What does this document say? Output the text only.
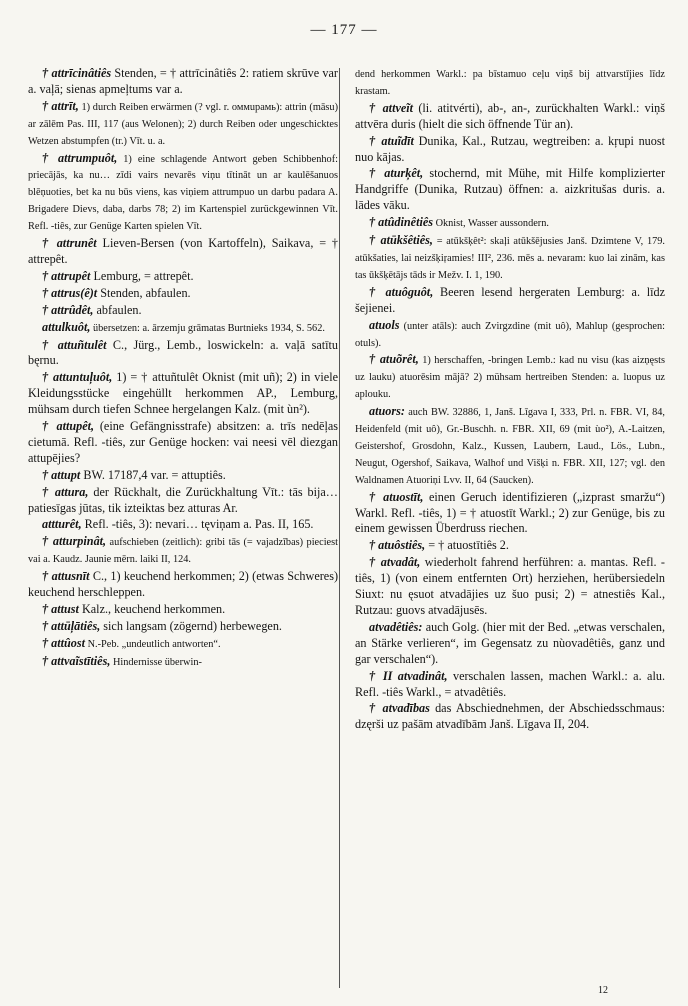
— 177 —

† attrīcinâtiês Stenden, = † attrīcinâtiês 2: ratiem skrūve var a. vaļā; sienas apmeļtums var a.

† attrīt, 1) durch Reiben erwärmen (? vgl. r. оммuрамь): attrin (māsu) ar zālēm Pas. III, 117 (aus Welonen); 2) durch Reiben oder ungeschicktes Wetzen abstumpfen (tr.) Vīt. u. a.

† attrumpuôt, 1) eine schlagende Antwort geben Schibbenhof: priecājās, ka nu… zīdi vairs nevarēs viņu tītināt un ar kaulēšanuos blēņuoties, bet ka nu būs viens, kas viņiem attrumpuo un darbu padara A. Brigadere Dievs, daba, darbs 78; 2) im Kartenspiel zurückgewinnen Vīt. Refl. -tiês, zur Genüge Karten spielen Vīt.

† attrunêt Lieven-Bersen (von Kartoffeln), Saikava, = † attrepêt.

† attrupêt Lemburg, = attrepêt.

† attrus(ê)t Stenden, abfaulen.

† attrûdêt, abfaulen.

attulkuôt, übersetzen: a. ārzemju grāmatas Burtnieks 1934, S. 562.

† attuñtulêt C., Jürg., Lemb., loswickeln: a. vaļā satītu bęrnu.

† attuntuļuôt, 1) = † attuñtulêt Oknist (mit uñ); 2) in viele Kleidungsstücke eingehüllt herkommen AP., Lemburg, mühsam durch tiefen Schnee hergelangen Kalz. (mit ùn²).

† attupêt, (eine Gefängnisstrafe) absitzen: a. trīs nedēļas cietumā. Refl. -tiês, zur Genüge hocken: vai neesi vēl diezgan attupējies?

† attupt BW. 17187,4 var. = attuptiês.

† attura, der Rückhalt, die Zurückhaltung Vīt.: tās bija… patiesīgas jūtas, tik izteiktas bez atturas Ar.

attturêt, Refl. -tiês, 3): nevari… tęviņam a. Pas. II, 165.

† atturpinât, aufschieben (zeitlich): gribi tās (= vajadzības) pieciest vai a. Kaudz. Jaunie mērn. laiki II, 124.

† attusnīt C., 1) keuchend herkommen; 2) (etwas Schweres) keuchend herschleppen.

† attust Kalz., keuchend herkommen.

† attūļātiês, sich langsam (zögernd) herbewegen.

† attûost N.-Peb. „undeutlich antworten“.

† attvaĩstītiês, Hindernisse überwin-

dend herkommen Warkl.: pa bīstamuo ceļu viņš bij attvarstījies līdz krastam.

† attveĩt (li. atitvérti), ab-, an-, zurückhalten Warkl.: viņš attvēra duris (hielt die sich öffnende Tür an).

† atuĩdīt Dunika, Kal., Rutzau, wegtreiben: a. kŗupi nuost nuo kājas.

† aturķêt, stochernd, mit Mühe, mit Hilfe komplizierter Handgriffe (Dunika, Rutzau) öffnen: a. aizkritušas duris. a. lādes vāku.

† atûdinêtiês Oknist, Wasser aussondern.

† atūkšêtiês, = atūkšķêt²: skaļi atūkšējusies Janš. Dzimtene V, 179. atūkšaties, lai neizšķiŗamies! III², 236. mēs a. nevaram: kuo lai zinām, kas tas ūkšķētājs tāds ir Mežv. I. 1, 190.

† atuôguôt, Beeren lesend hergeraten Lemburg: a. līdz šejienei.

atuols (unter atāls): auch Zvirgzdine (mit uô), Mahlup (gesprochen: otuls).

† atuõrêt, 1) herschaffen, -bringen Lemb.: kad nu visu (kas aizņęsts uz lauku) atuorēsim mājā? 2) mühsam hertreiben Stenden: a. luopus uz aplouku.

atuors: auch BW. 32886, 1, Janš. Līgava I, 333, Prl. n. FBR. VI, 84, Heidenfeld (mit uô), Gr.-Buschh. n. FBR. XII, 69 (mit ùo²), A.-Laitzen, Geistershof, Grosdohn, Kalz., Kussen, Laubern, Laud., Lös., Lubn., Neugut, Ogershof, Saikava, Walhof und Višķi n. FBR. XII, 127; vgl. den Waldnamen Atuoriņi Lvv. II, 64 (Saucken).

† atuostīt, einen Geruch identifizieren („izprast smaržu“) Warkl. Refl. -tiês, 1) = † atuostīt Warkl.; 2) zur Genüge, bis zu einem gewissen Überdruss riechen.

† atuôstiês, = † atuostītiês 2.

† atvadât, wiederholt fahrend herführen: a. mantas. Refl. -tiês, 1) (von einem entfernten Ort) herziehen, herübersiedeln Siuxt: nu ęsuot atvadājies uz šuo pusi; 2) = atnestiês Kal., Rutzau: guovs atvadājusēs.

atvadêtiês: auch Golg. (hier mit der Bed. „etwas verschalen, an Stärke verlieren“, im Gegensatz zu nùovadêtiês, ganz und gar verschalen“).

† II atvadinât, verschalen lassen, machen Warkl.: a. alu. Refl. -tiês Warkl., = atvadêtiês.

† atvadības das Abschiednehmen, der Abschiedsschmaus: dzęrši uz pašām atvadībām Janš. Līgava II, 204.

12
